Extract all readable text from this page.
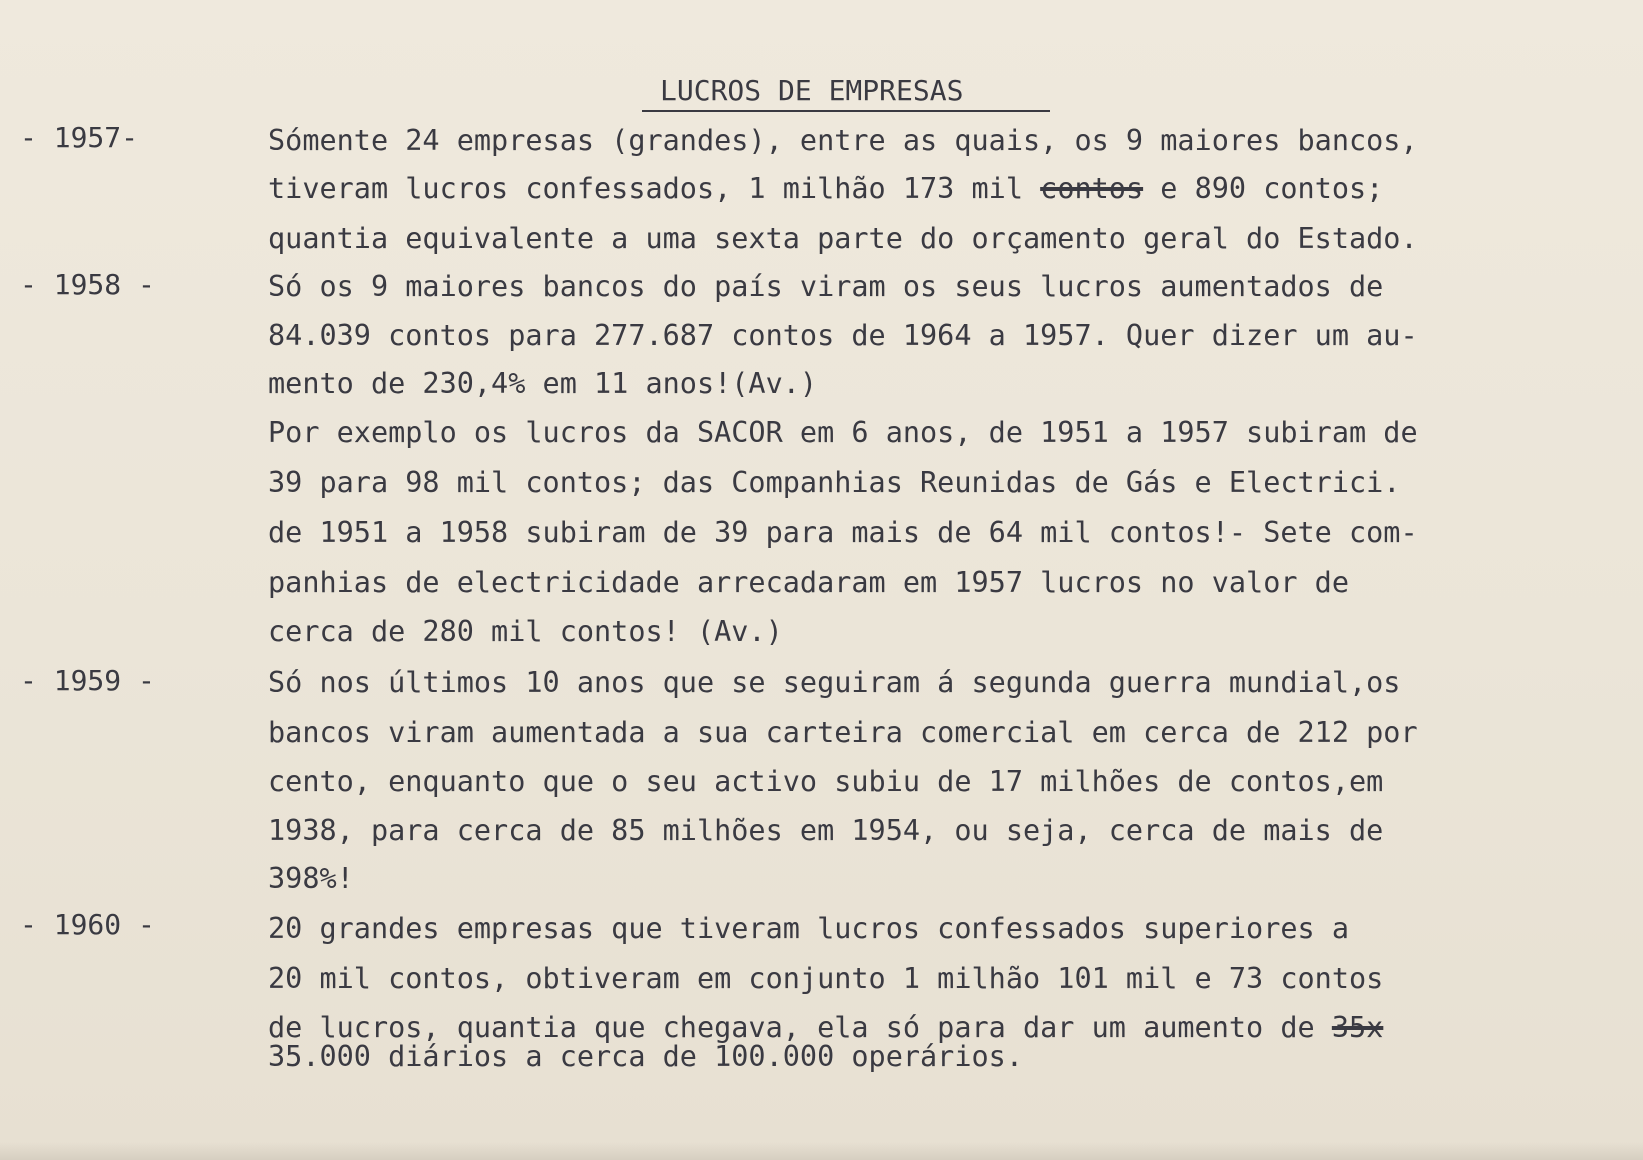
LUCROS DE EMPRESAS
- 1957-	Sómente 24 empresas (grandes), entre as quais, os 9 maiores bancos,
tiveram lucros confessados, 1 milhão 173 mil contos e 890 contos;
quantia equivalente a uma sexta parte do orçamento geral do Estado.
- 1958 -	Só os 9 maiores bancos do país viram os seus lucros aumentados de
84.039 contos para 277.687 contos de 1964 a 1957. Quer dizer um au-
mento de 230,4% em 11 anos!(Av.)
Por exemplo os lucros da SACOR em 6 anos, de 1951 a 1957 subiram de
39 para 98 mil contos; das Companhias Reunidas de Gás e Electrici.
de 1951 a 1958 subiram de 39 para mais de 64 mil contos!- Sete com-
panhias de electricidade arrecadaram em 1957 lucros no valor de
cerca de 280 mil contos! (Av.)
- 1959 -	Só nos últimos 10 anos que se seguiram á segunda guerra mundial,os
bancos viram aumentada a sua carteira comercial em cerca de 212 por
cento, enquanto que o seu activo subiu de 17 milhões de contos,em
1938, para cerca de 85 milhões em 1954, ou seja, cerca de mais de
398%!
- 1960 -	20 grandes empresas que tiveram lucros confessados superiores a
20 mil contos, obtiveram em conjunto 1 milhão 101 mil e 73 contos
de lucros, quantia que chegava, ela só para dar um aumento de 35x
35.000 diários a cerca de 100.000 operários.
